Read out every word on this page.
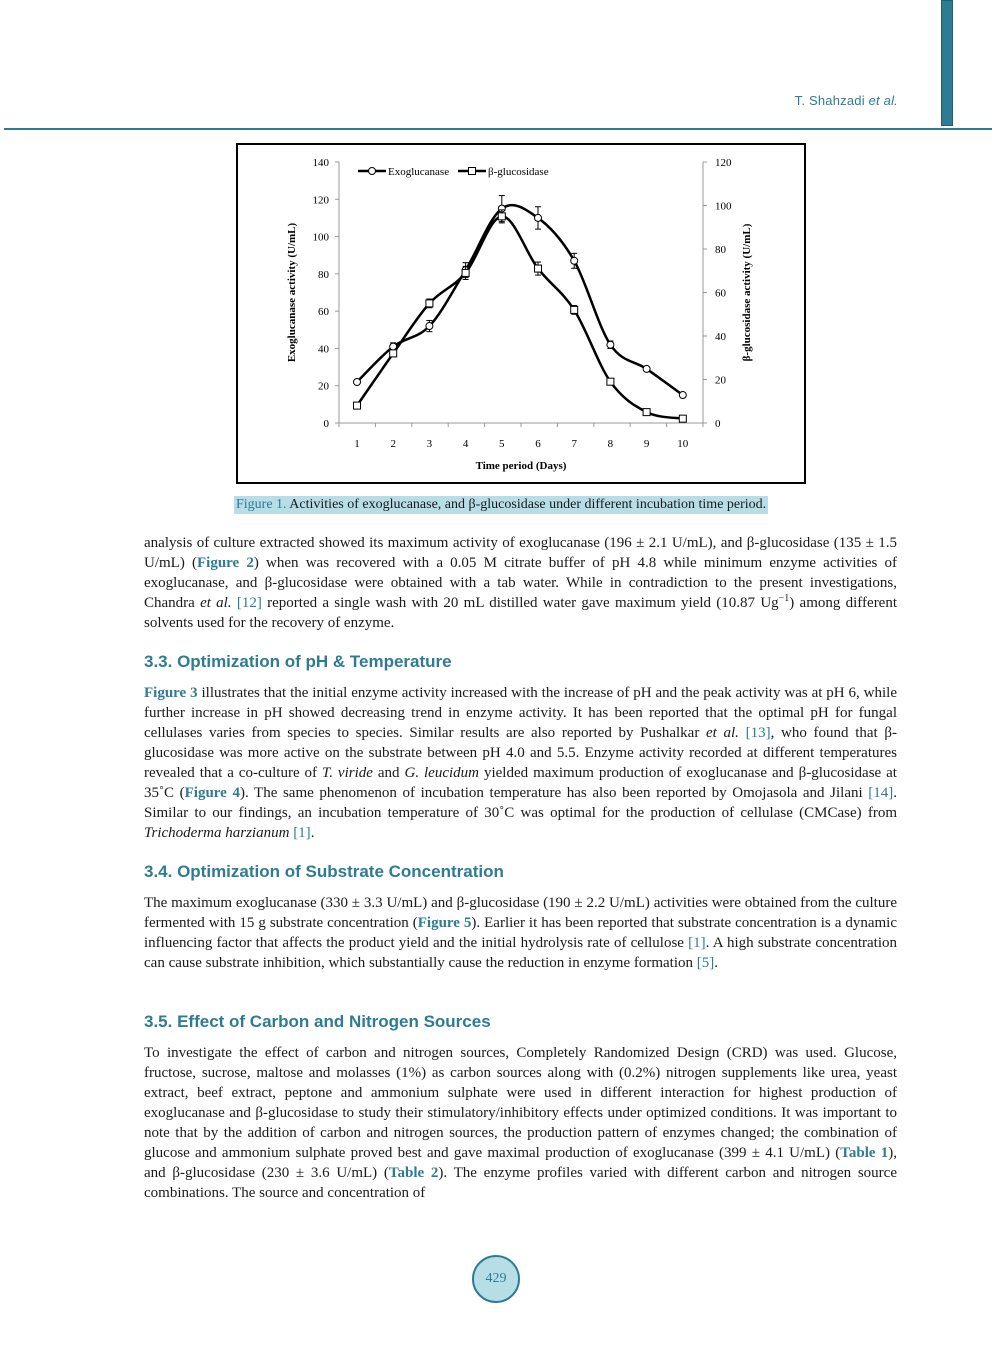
T. Shahzadi et al.
0
20
40
60
80
100
120
140
0
20
40
60
80
100
120
1	2	3	4	5	6	7	8	9	10
Time period (Days)
Exoglucanase activity (U/mL)	β-glucosidase activity (U/mL)
Exoglucanase	β-glucosidase
Figure 1. Activities of exoglucanase, and β-glucosidase under different incubation time period.

analysis of culture extracted showed its maximum activity of exoglucanase (196 ± 2.1 U/mL), and β-glucosidase (135 ± 1.5 U/mL) (Figure 2) when was recovered with a 0.05 M citrate buffer of pH 4.8 while minimum enzyme activities of exoglucanase, and β-glucosidase were obtained with a tab water. While in contradiction to the present investigations, Chandra et al. [12] reported a single wash with 20 mL distilled water gave maximum yield (10.87 $Ug^{-1}$) among different solvents used for the recovery of enzyme.

3.3. Optimization of pH & Temperature

Figure 3 illustrates that the initial enzyme activity increased with the increase of pH and the peak activity was at pH 6, while further increase in pH showed decreasing trend in enzyme activity. It has been reported that the optimal pH for fungal cellulases varies from species to species. Similar results are also reported by Pushalkar et al. [13], who found that β-glucosidase was more active on the substrate between pH 4.0 and 5.5. Enzyme activity recorded at different temperatures revealed that a co-culture of T. viride and G. leucidum yielded maximum production of exoglucanase and β-glucosidase at 35˚C (Figure 4). The same phenomenon of incubation temperature has also been reported by Omojasola and Jilani [14]. Similar to our findings, an incubation temperature of 30˚C was optimal for the production of cellulase (CMCase) from Trichoderma harzianum [1].

3.4. Optimization of Substrate Concentration

The maximum exoglucanase (330 ± 3.3 U/mL) and β-glucosidase (190 ± 2.2 U/mL) activities were obtained from the culture fermented with 15 g substrate concentration (Figure 5). Earlier it has been reported that substrate concentration is a dynamic influencing factor that affects the product yield and the initial hydrolysis rate of cellulose [1]. A high substrate concentration can cause substrate inhibition, which substantially cause the reduction in enzyme formation [5].

3.5. Effect of Carbon and Nitrogen Sources

To investigate the effect of carbon and nitrogen sources, Completely Randomized Design (CRD) was used. Glucose, fructose, sucrose, maltose and molasses (1%) as carbon sources along with (0.2%) nitrogen supplements like urea, yeast extract, beef extract, peptone and ammonium sulphate were used in different interaction for highest production of exoglucanase and β-glucosidase to study their stimulatory/inhibitory effects under optimized conditions. It was important to note that by the addition of carbon and nitrogen sources, the production pattern of enzymes changed; the combination of glucose and ammonium sulphate proved best and gave maximal production of exoglucanase (399 ± 4.1 U/mL) (Table 1), and β-glucosidase (230 ± 3.6 U/mL) (Table 2). The enzyme profiles varied with different carbon and nitrogen source combinations. The source and concentration of

429
